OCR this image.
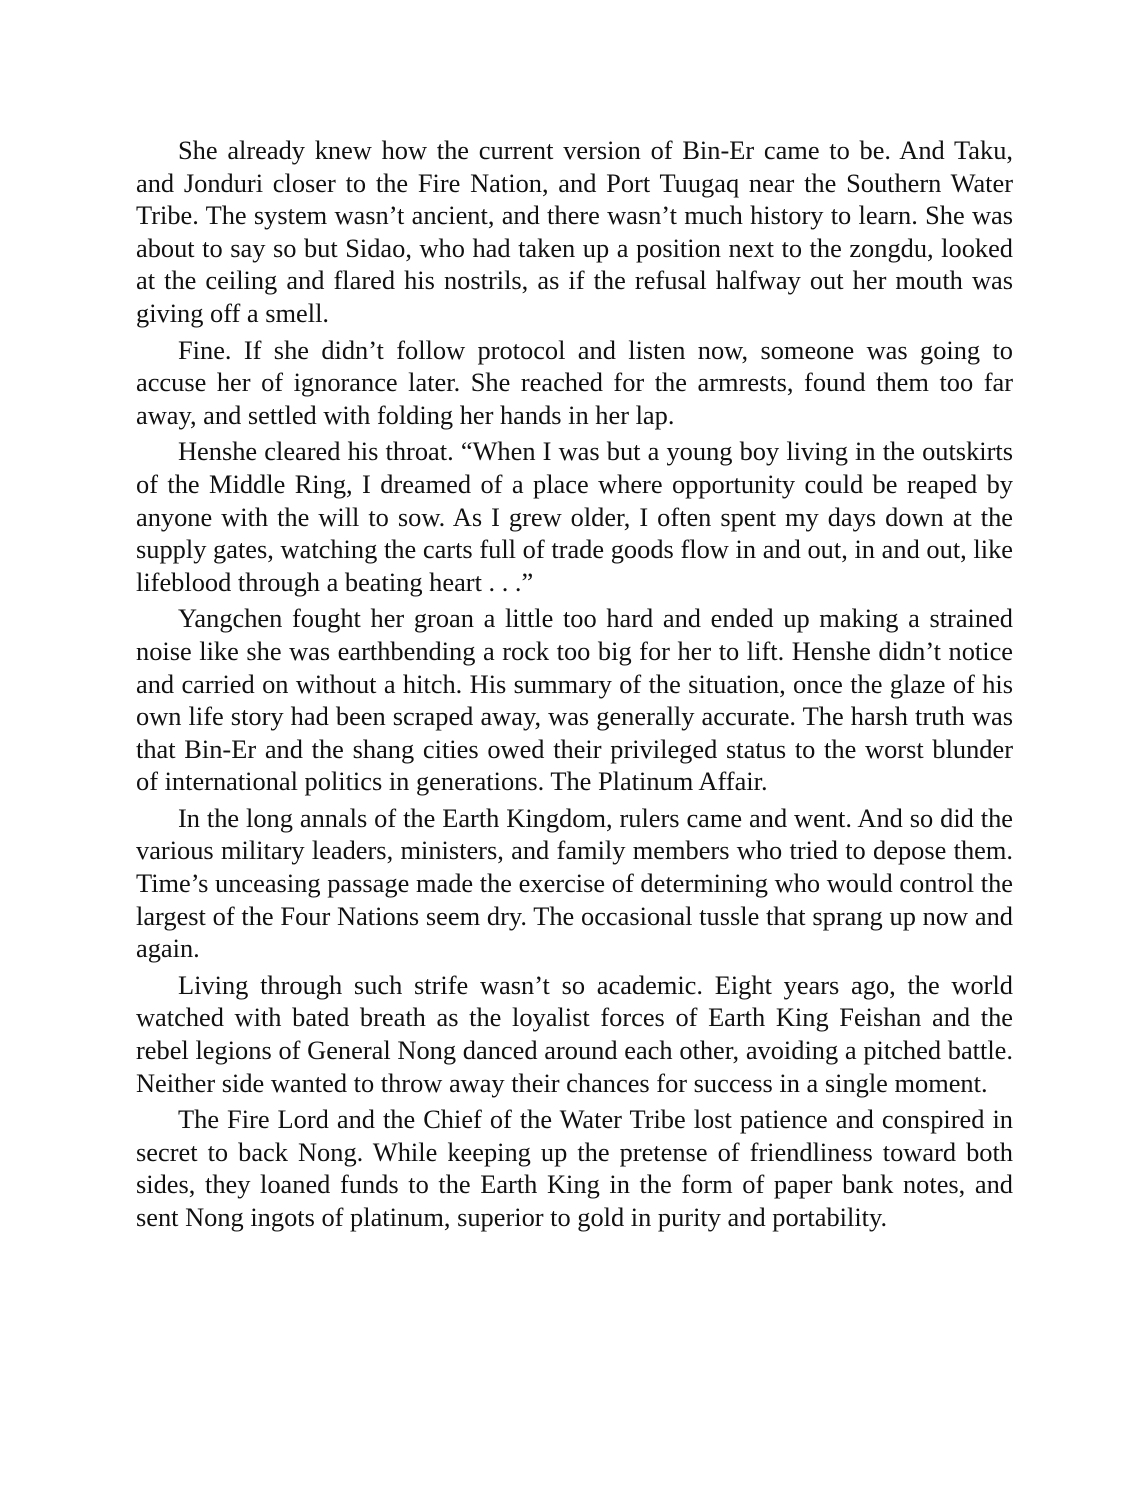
She already knew how the current version of Bin-Er came to be. And Taku, and Jonduri closer to the Fire Nation, and Port Tuugaq near the Southern Water Tribe. The system wasn’t ancient, and there wasn’t much history to learn. She was about to say so but Sidao, who had taken up a position next to the zongdu, looked at the ceiling and flared his nostrils, as if the refusal halfway out her mouth was giving off a smell.

Fine. If she didn’t follow protocol and listen now, someone was going to accuse her of ignorance later. She reached for the armrests, found them too far away, and settled with folding her hands in her lap.

Henshe cleared his throat. “When I was but a young boy living in the outskirts of the Middle Ring, I dreamed of a place where opportunity could be reaped by anyone with the will to sow. As I grew older, I often spent my days down at the supply gates, watching the carts full of trade goods flow in and out, in and out, like lifeblood through a beating heart . . .”

Yangchen fought her groan a little too hard and ended up making a strained noise like she was earthbending a rock too big for her to lift. Henshe didn’t notice and carried on without a hitch. His summary of the situation, once the glaze of his own life story had been scraped away, was generally accurate. The harsh truth was that Bin-Er and the shang cities owed their privileged status to the worst blunder of international politics in generations. The Platinum Affair.

In the long annals of the Earth Kingdom, rulers came and went. And so did the various military leaders, ministers, and family members who tried to depose them. Time’s unceasing passage made the exercise of determining who would control the largest of the Four Nations seem dry. The occasional tussle that sprang up now and again.

Living through such strife wasn’t so academic. Eight years ago, the world watched with bated breath as the loyalist forces of Earth King Feishan and the rebel legions of General Nong danced around each other, avoiding a pitched battle. Neither side wanted to throw away their chances for success in a single moment.

The Fire Lord and the Chief of the Water Tribe lost patience and conspired in secret to back Nong. While keeping up the pretense of friendliness toward both sides, they loaned funds to the Earth King in the form of paper bank notes, and sent Nong ingots of platinum, superior to gold in purity and portability.
